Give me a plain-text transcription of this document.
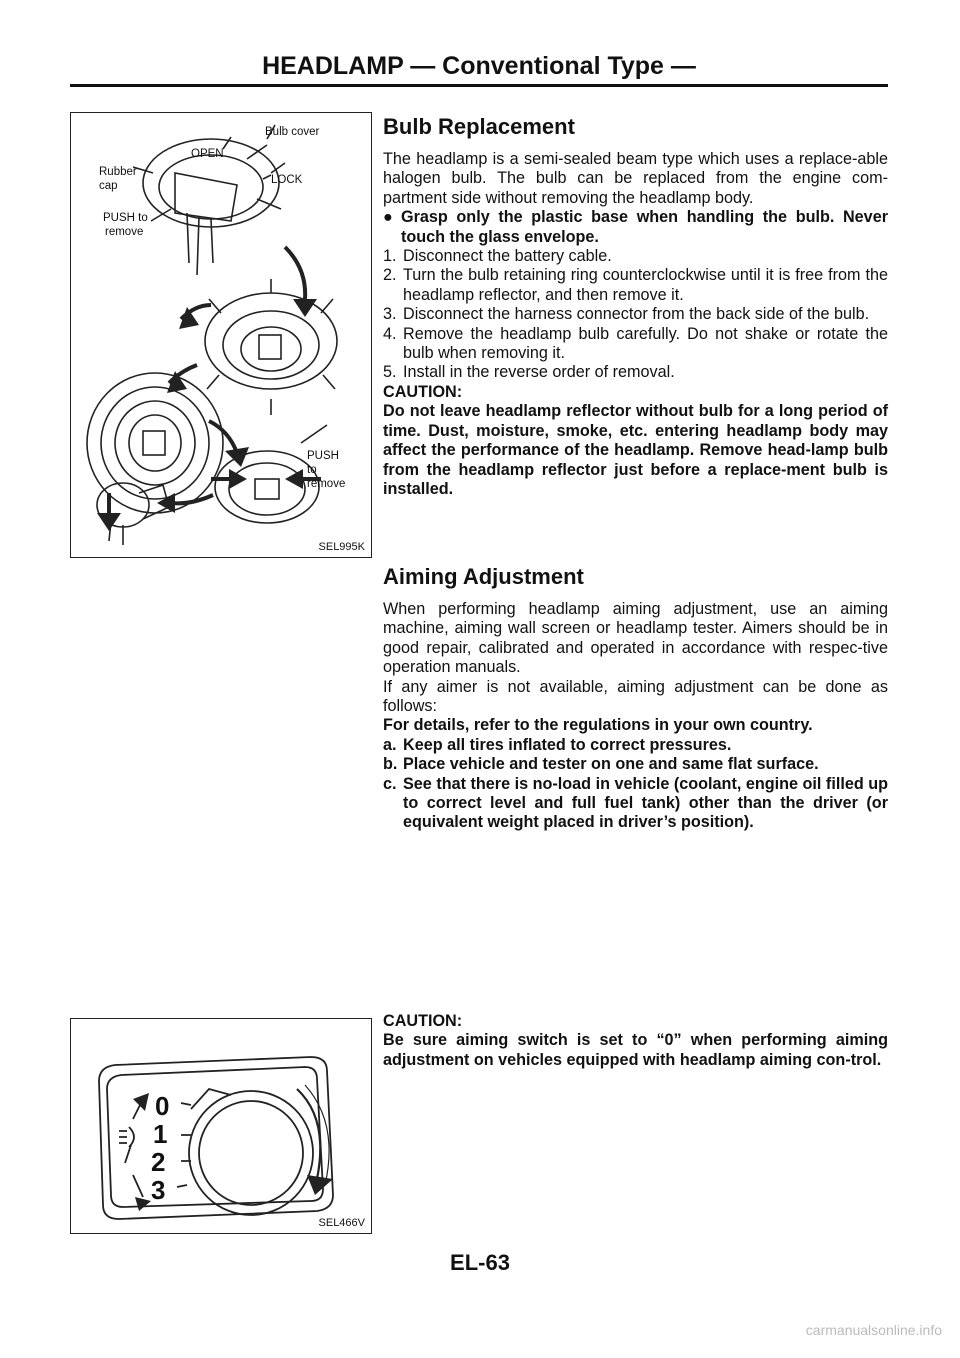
HEADLAMP — Conventional Type —
OPEN
Bulb cover
Rubber
cap	LOCK
PUSH to
remove
PUSH
to
remove
SEL995K
Bulb Replacement

The headlamp is a semi-sealed beam type which uses a replace-able halogen bulb. The bulb can be replaced from the engine com-partment side without removing the headlamp body.

● Grasp only the plastic base when handling the bulb. Never touch the glass envelope.
1. Disconnect the battery cable.
2. Turn the bulb retaining ring counterclockwise until it is free from the headlamp reflector, and then remove it.
3. Disconnect the harness connector from the back side of the bulb.
4. Remove the headlamp bulb carefully. Do not shake or rotate the bulb when removing it.
5. Install in the reverse order of removal.

CAUTION:

Do not leave headlamp reflector without bulb for a long period of time. Dust, moisture, smoke, etc. entering headlamp body may affect the performance of the headlamp. Remove head-lamp bulb from the headlamp reflector just before a replace-ment bulb is installed.

Aiming Adjustment

When performing headlamp aiming adjustment, use an aiming machine, aiming wall screen or headlamp tester. Aimers should be in good repair, calibrated and operated in accordance with respec-tive operation manuals.

If any aimer is not available, aiming adjustment can be done as follows:

For details, refer to the regulations in your own country.

a. Keep all tires inflated to correct pressures.
b. Place vehicle and tester on one and same flat surface.
c. See that there is no-load in vehicle (coolant, engine oil filled up to correct level and full fuel tank) other than the driver (or equivalent weight placed in driver’s position).

CAUTION:

Be sure aiming switch is set to “0” when performing aiming adjustment on vehicles equipped with headlamp aiming con-trol.

0
1
2
3
SEL466V
EL-63
carmanualsonline.info
